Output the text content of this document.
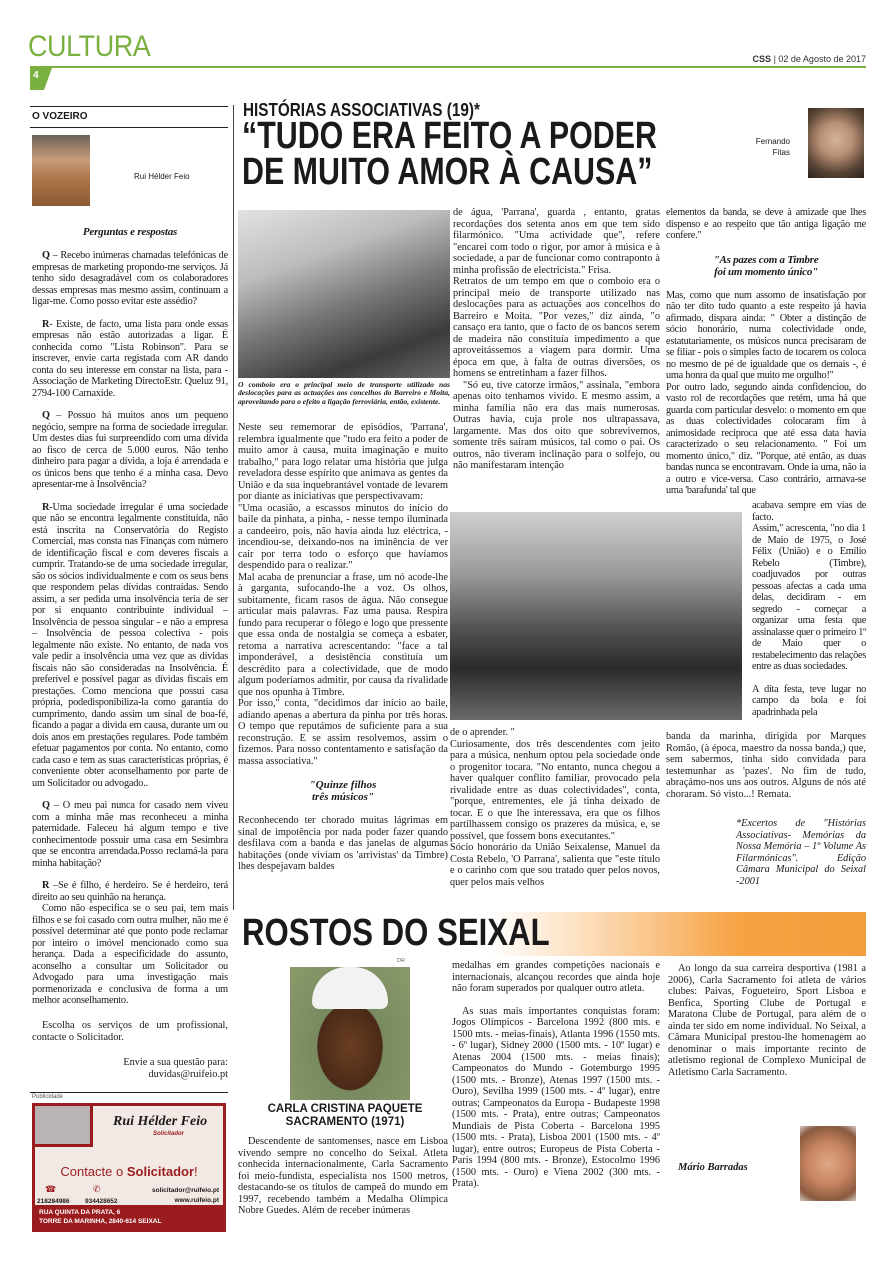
CULTURA
4
CSS | 02 de Agosto de 2017
O VOZEIRO
Rui Hélder Feio
Perguntas e respostas

Q – Recebo inúmeras chamadas telefónicas de empresas de marketing propondo-me serviços. Já tenho sido desagradável com os colaboradores dessas empresas mas mesmo assim, continuam a ligar-me. Como posso evitar este assédio?

R- Existe, de facto, uma lista para onde essas empresas não estão autorizadas a ligar. É conhecida como "Lista Robinson". Para se inscrever, envie carta registada com AR dando conta do seu interesse em constar na lista, para - Associação de Marketing DirectoEstr. Queluz 91, 2794-100 Carnaxide.

Q – Possuo há muitos anos um pequeno negócio, sempre na forma de sociedade irregular. Um destes dias fui surpreendido com uma dívida ao fisco de cerca de 5.000 euros. Não tenho dinheiro para pagar a dívida, a loja é arrendada e os únicos bens que tenho é a minha casa. Devo apresentar-me à Insolvência?

R-Uma sociedade irregular é uma sociedade que não se encontra legalmente constituída, não está inscrita na Conservatória do Registo Comercial, mas consta nas Finanças com número de identificação fiscal e com deveres fiscais a cumprir. Tratando-se de uma sociedade irregular, são os sócios individualmente e com os seus bens que respondem pelas dívidas contraídas. Sendo assim, a ser pedida uma insolvência teria de ser por si enquanto contribuinte individual – Insolvência de pessoa singular - e não a empresa – Insolvência de pessoa colectiva - pois legalmente não existe. No entanto, de nada vos vale pedir a insolvência uma vez que as dívidas fiscais não são consideradas na Insolvência. É preferível e possível pagar as dívidas fiscais em prestações. Como menciona que possui casa própria, podedisponibiliza-la como garantia do cumprimento, dando assim um sinal de boa-fé, ficando a pagar a divida em causa, durante um ou dois anos em prestações regulares. Pode também efetuar pagamentos por conta. No entanto, como cada caso e tem as suas características próprias, é conveniente obter aconselhamento por parte de um Solicitador ou advogado..

Q – O meu pai nunca for casado nem viveu com a minha mãe mas reconheceu a minha paternidade. Faleceu há algum tempo e tive conhecimentode possuir uma casa em Sesimbra que se encontra arrendada.Posso reclamá-la para minha habitação?

R –Se é filho, é herdeiro. Se é herdeiro, terá direito ao seu quinhão na herança.

Como não especifica se o seu pai, tem mais filhos e se foi casado com outra mulher, não me é possível determinar até que ponto pode reclamar por inteiro o imóvel mencionado como sua herança. Dada a especificidade do assunto, aconselho a consultar um Solicitador ou Advogado para uma investigação mais pormenorizada e conclusiva de forma a um melhor aconselhamento.

Escolha os serviços de um profissional, contacte o Solicitador.

Envie a sua questão para:

duvidas@ruifeio.pt

Publicidade
Rui Hélder Feio
Solicitador
Contacte o Solicitador!
☎	✆
218284986 934428652
solicitador@ruifeio.pt
www.ruifeio.pt
RUA QUINTA DA PRATA, 6
TORRE DA MARINHA, 2840-614 SEIXAL
HISTÓRIAS ASSOCIATIVAS (19)*
“TUDO ERA FEITO A PODER
DE MUITO AMOR À CAUSA”
Fernando
Fitas
O comboio era o principal meio de transporte utilizado nas deslocações para as actuações aos concelhos do Barreiro e Moita, aproveitando para o efeito a ligação ferroviária, então, existente.

Neste seu rememorar de episódios, 'Parrana', relembra igualmente que "tudo era feito a poder de muito amor à causa, muita imaginação e muito trabalho," para logo relatar uma história que julga reveladora desse espírito que animava as gentes da União e da sua inquebrantável vontade de levarem por diante as iniciativas que perspectivavam:

"Uma ocasião, a escassos minutos do início do baile da pinhata, a pinha, - nesse tempo iluminada a candeeiro, pois, não havia ainda luz eléctrica, - incendiou-se, deixando-nos na iminência de ver cair por terra todo o esforço que havíamos despendido para o realizar."

Mal acaba de prenunciar a frase, um nó acode-lhe à garganta, sufocando-lhe a voz. Os olhos, subitamente, ficam rasos de água. Não consegue articular mais palavras. Faz uma pausa. Respira fundo para recuperar o fôlego e logo que pressente que essa onda de nostalgia se começa a esbater, retoma a narrativa acrescentando: "face a tal imponderável, a desistência constituía um descrédito para a colectividade, que de modo algum poderíamos admitir, por causa da rivalidade que nos opunha à Timbre.

Por isso," conta, "decidimos dar início ao baile, adiando apenas a abertura da pinha por três horas. O tempo que reputámos de suficiente para a sua reconstrução. E se assim resolvemos, assim o fizemos. Para nosso contentamento e satisfação da massa associativa."

"Quinze filhos
três músicos"

Reconhecendo ter chorado muitas lágrimas em sinal de impotência por nada poder fazer quando desfilava com a banda e das janelas de algumas habitações (onde viviam os 'arrivistas' da Timbre) lhes despejavam baldes

de água, 'Parrana', guarda , entanto, gratas recordações dos setenta anos em que tem sido filarmónico. "Uma actividade que", refere "encarei com todo o rigor, por amor à música e à sociedade, a par de funcionar como contraponto à minha profissão de electricista." Frisa.

Retratos de um tempo em que o comboio era o principal meio de transporte utilizado nas deslocações para as actuações aos concelhos do Barreiro e Moita. "Por vezes," diz ainda, "o cansaço era tanto, que o facto de os bancos serem de madeira não constituía impedimento a que aproveitássemos a viagem para dormir. Uma época em que, à falta de outras diversões, os homens se entretinham a fazer filhos.

"Só eu, tive catorze irmãos," assinala, "embora apenas oito tenhamos vivido. E mesmo assim, a minha família não era das mais numerosas. Outras havia, cuja prole nos ultrapassava, largamente. Mas dos oito que sobrevivemos, somente três saíram músicos, tal como o pai. Os outros, não tiveram inclinação para o solfejo, ou não manifestaram intenção

de o aprender. "

Curiosamente, dos três descendentes com jeito para a música, nenhum optou pela sociedade onde o progenitor tocara. "No entanto, nunca chegou a haver qualquer conflito familiar, provocado pela rivalidade entre as duas colectividades", conta, "porque, entrementes, ele já tinha deixado de tocar. E o que lhe interessava, era que os filhos partilhassem consigo os prazeres da música, e, se possível, que fossem bons executantes."

Sócio honorário da União Seixalense, Manuel da Costa Rebelo, 'O Parrana', salienta que "este título e o carinho com que sou tratado quer pelos novos, quer pelos mais velhos

elementos da banda, se deve à amizade que lhes dispenso e ao respeito que tão antiga ligação me confere."

"As pazes com a Timbre
foi um momento único"

Mas, como que num assomo de insatisfação por não ter dito tudo quanto a este respeito já havia afirmado, dispara ainda: " Obter a distinção de sócio honorário, numa colectividade onde, estatutariamente, os músicos nunca precisaram de se filiar - pois o simples facto de tocarem os coloca no mesmo de pé de igualdade que os demais -, é uma honra da qual que muito me orgulho!"

Por outro lado, segundo ainda confidenciou, do vasto rol de recordações que retém, uma há que guarda com particular desvelo: o momento em que as duas colectividades colocaram fim à animosidade reciproca que até essa data havia caracterizado o seu relacionamento. " Foi um momento único," diz. "Porque, até então, as duas bandas nunca se encontravam. Onde ia uma, não ia a outro e vice-versa. Caso contrário, armava-se uma 'barafunda' tal que

acabava sempre em vias de facto.

Assim," acrescenta, "no dia 1 de Maio de 1975, o José Félix (União) e o Emílio Rebelo (Timbre), coadjuvados por outras pessoas afectas a cada uma delas, decidiram - em segredo - começar a organizar uma festa que assinalasse quer o primeiro 1º de Maio quer o restabelecimento das relações entre as duas sociedades.

A dita festa, teve lugar no campo da bola e foi apadrinhada pela

banda da marinha, dirigida por Marques Romão, (à época, maestro da nossa banda,) que, sem sabermos, tinha sido convidada para testemunhar as 'pazes'. No fim de tudo, abraçámo-nos uns aos outros. Alguns de nós até choraram. Só visto...! Remata.

*Excertos de "Histórias Associativas- Memórias da Nossa Memória – 1º Volume As Filarmónicas". Edição Câmara Municipal do Seixal -2001
ROSTOS DO SEIXAL
DR
CARLA CRISTINA PAQUETE
SACRAMENTO (1971)

Descendente de santomenses, nasce em Lisboa vivendo sempre no concelho do Seixal. Atleta conhecida internacionalmente, Carla Sacramento foi meio-fundista, especialista nos 1500 metros, destacando-se os títulos de campeã do mundo em 1997, recebendo também a Medalha Olímpica Nobre Guedes. Além de receber inúmeras

medalhas em grandes competições nacionais e internacionais, alcançou recordes que ainda hoje não foram superados por qualquer outro atleta.

As suas mais importantes conquistas foram: Jogos Olímpicos - Barcelona 1992 (800 mts. e 1500 mts. - meias-finais), Atlanta 1996 (1550 mts. - 6º lugar), Sidney 2000 (1500 mts. - 10º lugar) e Atenas 2004 (1500 mts. - meias finais); Campeonatos do Mundo - Gotemburgo 1995 (1500 mts. - Bronze), Atenas 1997 (1500 mts. - Ouro), Sevilha 1999 (1500 mts. - 4º lugar), entre outras; Campeonatos da Europa - Budapeste 1998 (1500 mts. - Prata), entre outras; Campeonatos Mundiais de Pista Coberta - Barcelona 1995 (1500 mts. - Prata), Lisboa 2001 (1500 mts. - 4º lugar), entre outros; Europeus de Pista Coberta - Paris 1994 (800 mts. - Bronze), Estocolmo 1996 (1500 mts. - Ouro) e Viena 2002 (300 mts. - Prata).

Ao longo da sua carreira desportiva (1981 a 2006), Carla Sacramento foi atleta de vários clubes: Paivas, Fogueteiro, Sport Lisboa e Benfica, Sporting Clube de Portugal e Maratona Clube de Portugal, para além de o ainda ter sido em nome individual. No Seixal, a Câmara Municipal prestou-lhe homenagem ao denominar o mais importante recinto de atletismo regional de Complexo Municipal de Atletismo Carla Sacramento.

Mário Barradas
